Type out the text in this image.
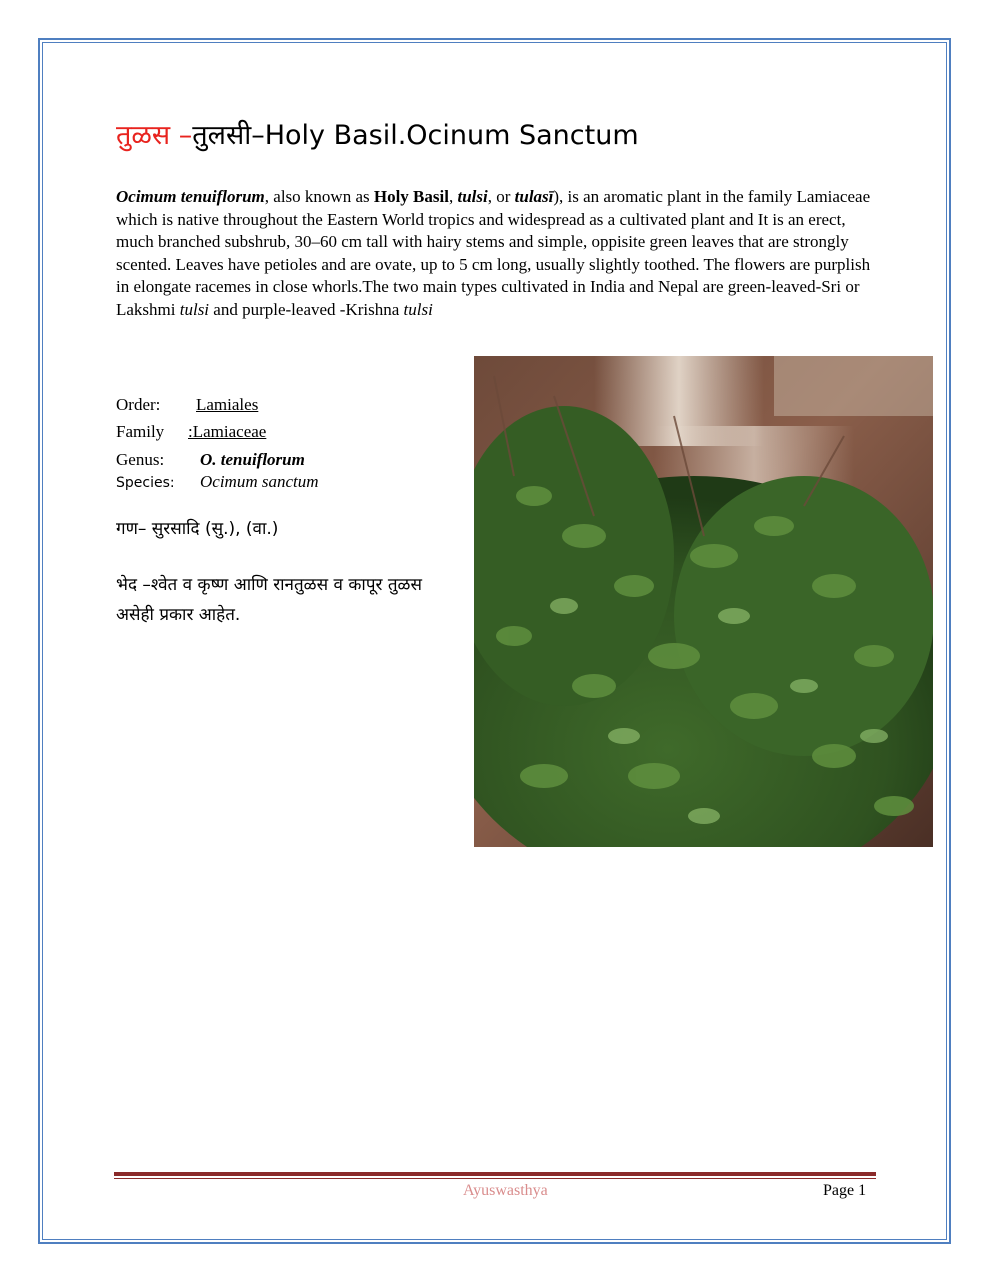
तुळस –तुलसी–Holy Basil.Ocinum Sanctum
Ocimum tenuiflorum, also known as Holy Basil, tulsi, or tulasī), is an aromatic plant in the family Lamiaceae which is native throughout the Eastern World tropics and widespread as a cultivated plant and It is an erect, much branched subshrub, 30–60 cm tall with hairy stems and simple, oppisite green leaves that are strongly scented. Leaves have petioles and are ovate, up to 5 cm long, usually slightly toothed. The flowers are purplish in elongate racemes in close whorls.The two main types cultivated in India and Nepal are green-leaved-Sri or Lakshmi tulsi and purple-leaved -Krishna tulsi
Order: Lamiales
Family :Lamiaceae
Genus: O. tenuiflorum
Species: Ocimum sanctum
गण– सुरसादि (सु.), (वा.)
भेद –श्वेत व कृष्ण आणि रानतुळस व कापूर तुळस
असेही प्रकार आहेत.
Ayuswasthya	Page 1
